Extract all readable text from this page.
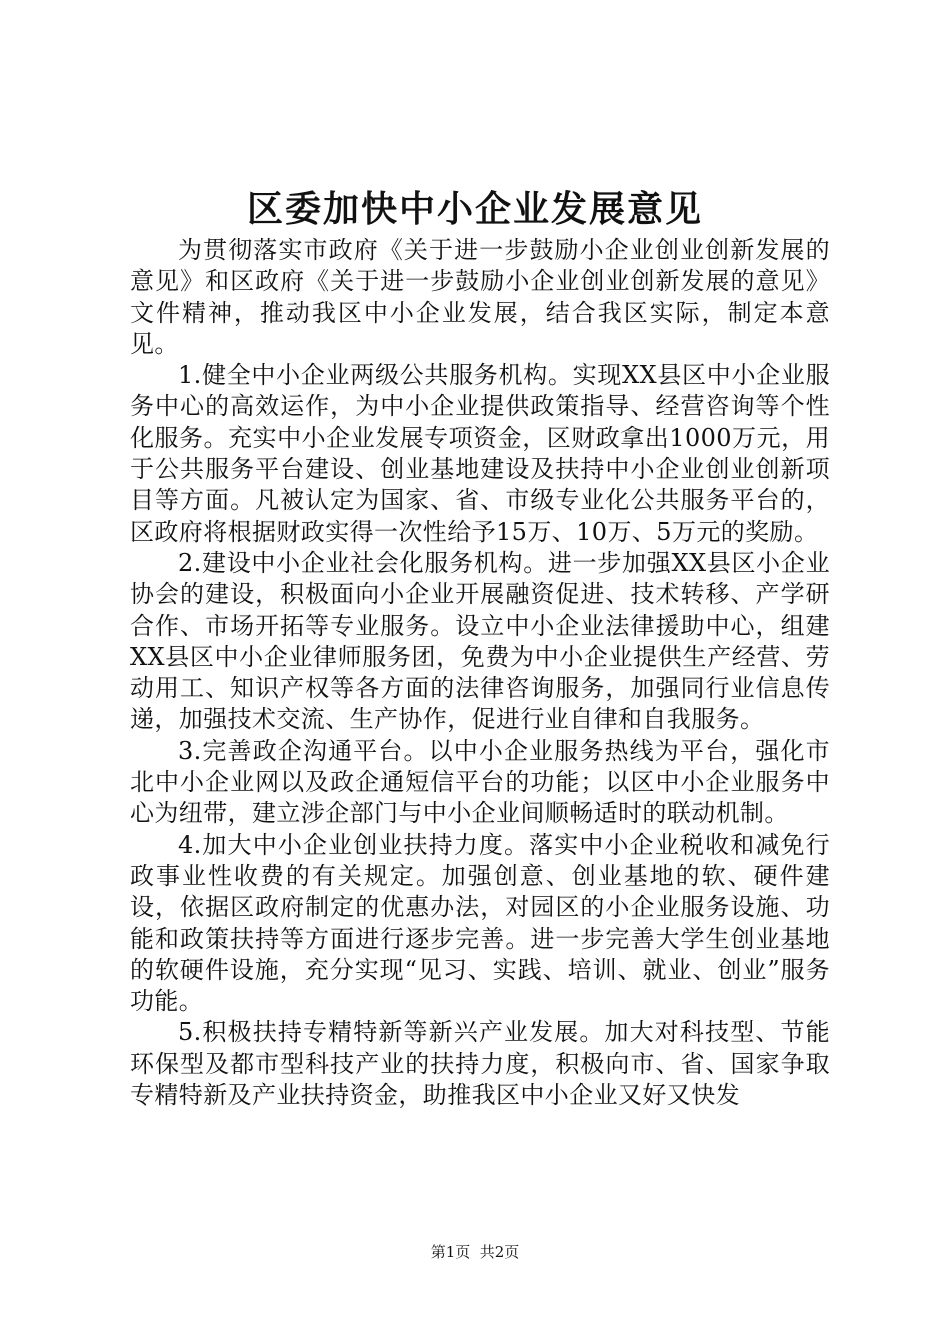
区委加快中小企业发展意见

为贯彻落实市政府《关于进一步鼓励小企业创业创新发展的意见》和区政府《关于进一步鼓励小企业创业创新发展的意见》文件精神，推动我区中小企业发展，结合我区实际，制定本意见。

1.健全中小企业两级公共服务机构。实现XX县区中小企业服务中心的高效运作，为中小企业提供政策指导、经营咨询等个性化服务。充实中小企业发展专项资金，区财政拿出1000万元，用于公共服务平台建设、创业基地建设及扶持中小企业创业创新项目等方面。凡被认定为国家、省、市级专业化公共服务平台的，区政府将根据财政实得一次性给予15万、10万、5万元的奖励。

2.建设中小企业社会化服务机构。进一步加强XX县区小企业协会的建设，积极面向小企业开展融资促进、技术转移、产学研合作、市场开拓等专业服务。设立中小企业法律援助中心，组建XX县区中小企业律师服务团，免费为中小企业提供生产经营、劳动用工、知识产权等各方面的法律咨询服务，加强同行业信息传递，加强技术交流、生产协作，促进行业自律和自我服务。

3.完善政企沟通平台。以中小企业服务热线为平台，强化市北中小企业网以及政企通短信平台的功能；以区中小企业服务中心为纽带，建立涉企部门与中小企业间顺畅适时的联动机制。

4.加大中小企业创业扶持力度。落实中小企业税收和减免行政事业性收费的有关规定。加强创意、创业基地的软、硬件建设，依据区政府制定的优惠办法，对园区的小企业服务设施、功能和政策扶持等方面进行逐步完善。进一步完善大学生创业基地的软硬件设施，充分实现“见习、实践、培训、就业、创业”服务功能。

5.积极扶持专精特新等新兴产业发展。加大对科技型、节能环保型及都市型科技产业的扶持力度，积极向市、省、国家争取专精特新及产业扶持资金，助推我区中小企业又好又快发

第1页  共2页
